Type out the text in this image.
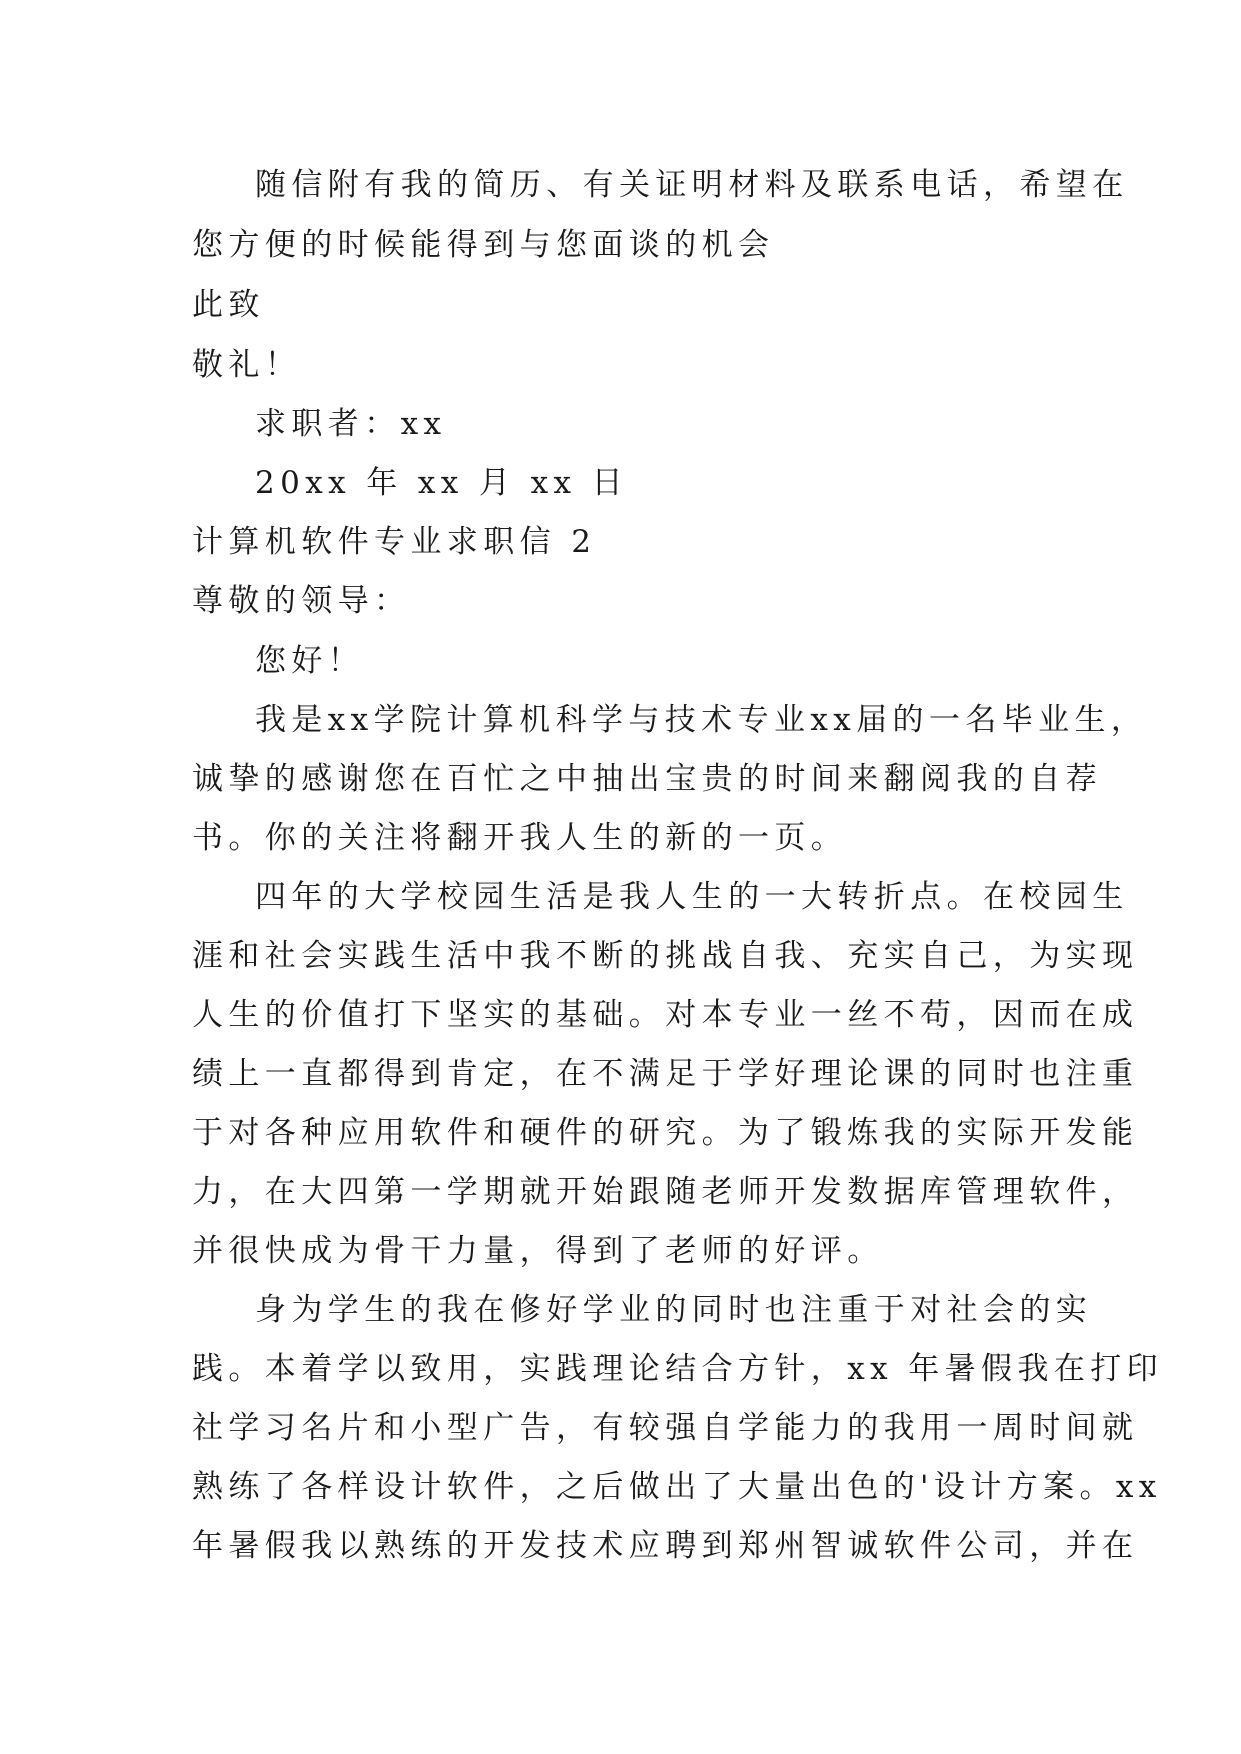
随信附有我的简历、有关证明材料及联系电话，希望在
您方便的时候能得到与您面谈的机会
此致
敬礼！
求职者：xx
20xx 年 xx 月 xx 日
计算机软件专业求职信 2
尊敬的领导：
您好！
我是xx学院计算机科学与技术专业xx届的一名毕业生，
诚挚的感谢您在百忙之中抽出宝贵的时间来翻阅我的自荐
书。你的关注将翻开我人生的新的一页。
四年的大学校园生活是我人生的一大转折点。在校园生
涯和社会实践生活中我不断的挑战自我、充实自己，为实现
人生的价值打下坚实的基础。对本专业一丝不苟，因而在成
绩上一直都得到肯定，在不满足于学好理论课的同时也注重
于对各种应用软件和硬件的研究。为了锻炼我的实际开发能
力，在大四第一学期就开始跟随老师开发数据库管理软件，
并很快成为骨干力量，得到了老师的好评。
身为学生的我在修好学业的同时也注重于对社会的实
践。本着学以致用，实践理论结合方针，xx 年暑假我在打印
社学习名片和小型广告，有较强自学能力的我用一周时间就
熟练了各样设计软件，之后做出了大量出色的'设计方案。xx
年暑假我以熟练的开发技术应聘到郑州智诚软件公司，并在
